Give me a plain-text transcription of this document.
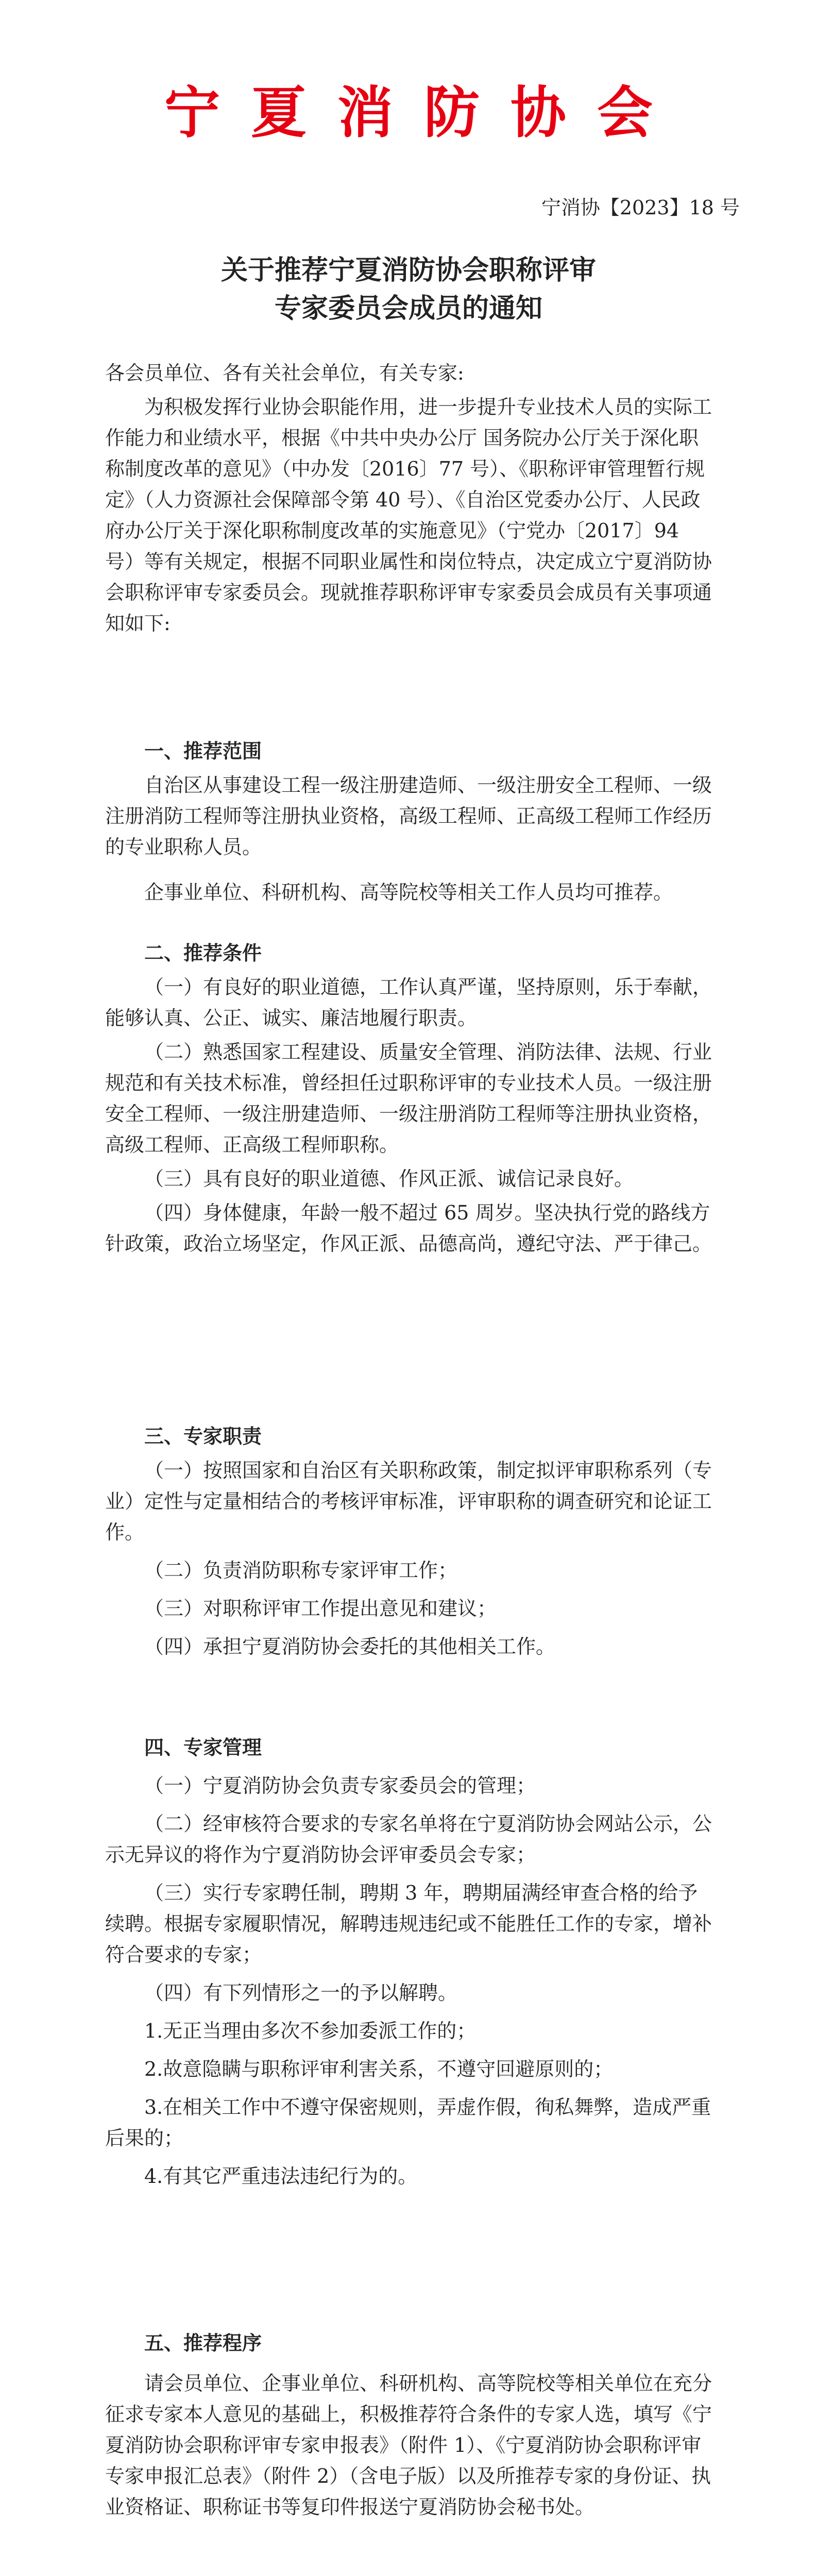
宁夏消防协会
宁消协【2023】18 号
关于推荐宁夏消防协会职称评审
专家委员会成员的通知

各会员单位、各有关社会单位，有关专家:

为积极发挥行业协会职能作用，进一步提升专业技术人员的实际工作能力和业绩水平，根据《中共中央办公厅 国务院办公厅关于深化职称制度改革的意见》（中办发〔2016〕77 号）、《职称评审管理暂行规定》（人力资源社会保障部令第 40 号）、《自治区党委办公厅、人民政府办公厅关于深化职称制度改革的实施意见》（宁党办〔2017〕94 号）等有关规定，根据不同职业属性和岗位特点，决定成立宁夏消防协会职称评审专家委员会。现就推荐职称评审专家委员会成员有关事项通知如下:

一、推荐范围

自治区从事建设工程一级注册建造师、一级注册安全工程师、一级注册消防工程师等注册执业资格，高级工程师、正高级工程师工作经历的专业职称人员。

企事业单位、科研机构、高等院校等相关工作人员均可推荐。

二、推荐条件

（一）有良好的职业道德，工作认真严谨，坚持原则，乐于奉献，能够认真、公正、诚实、廉洁地履行职责。

（二）熟悉国家工程建设、质量安全管理、消防法律、法规、行业规范和有关技术标准，曾经担任过职称评审的专业技术人员。一级注册安全工程师、一级注册建造师、一级注册消防工程师等注册执业资格，高级工程师、正高级工程师职称。

（三）具有良好的职业道德、作风正派、诚信记录良好。

（四）身体健康，年龄一般不超过 65 周岁。坚决执行党的路线方针政策，政治立场坚定，作风正派、品德高尚，遵纪守法、严于律己。

三、专家职责

（一）按照国家和自治区有关职称政策，制定拟评审职称系列（专业）定性与定量相结合的考核评审标准，评审职称的调查研究和论证工作。

（二）负责消防职称专家评审工作；

（三）对职称评审工作提出意见和建议；

（四）承担宁夏消防协会委托的其他相关工作。

四、专家管理

（一）宁夏消防协会负责专家委员会的管理；

（二）经审核符合要求的专家名单将在宁夏消防协会网站公示，公示无异议的将作为宁夏消防协会评审委员会专家；

（三）实行专家聘任制，聘期 3 年，聘期届满经审查合格的给予续聘。根据专家履职情况，解聘违规违纪或不能胜任工作的专家，增补符合要求的专家；

（四）有下列情形之一的予以解聘。

1.无正当理由多次不参加委派工作的；

2.故意隐瞒与职称评审利害关系，不遵守回避原则的；

3.在相关工作中不遵守保密规则，弄虚作假，徇私舞弊，造成严重后果的；

4.有其它严重违法违纪行为的。

五、推荐程序

请会员单位、企事业单位、科研机构、高等院校等相关单位在充分征求专家本人意见的基础上，积极推荐符合条件的专家人选，填写《宁夏消防协会职称评审专家申报表》（附件 1）、《宁夏消防协会职称评审专家申报汇总表》（附件 2）（含电子版）以及所推荐专家的身份证、执业资格证、职称证书等复印件报送宁夏消防协会秘书处。
